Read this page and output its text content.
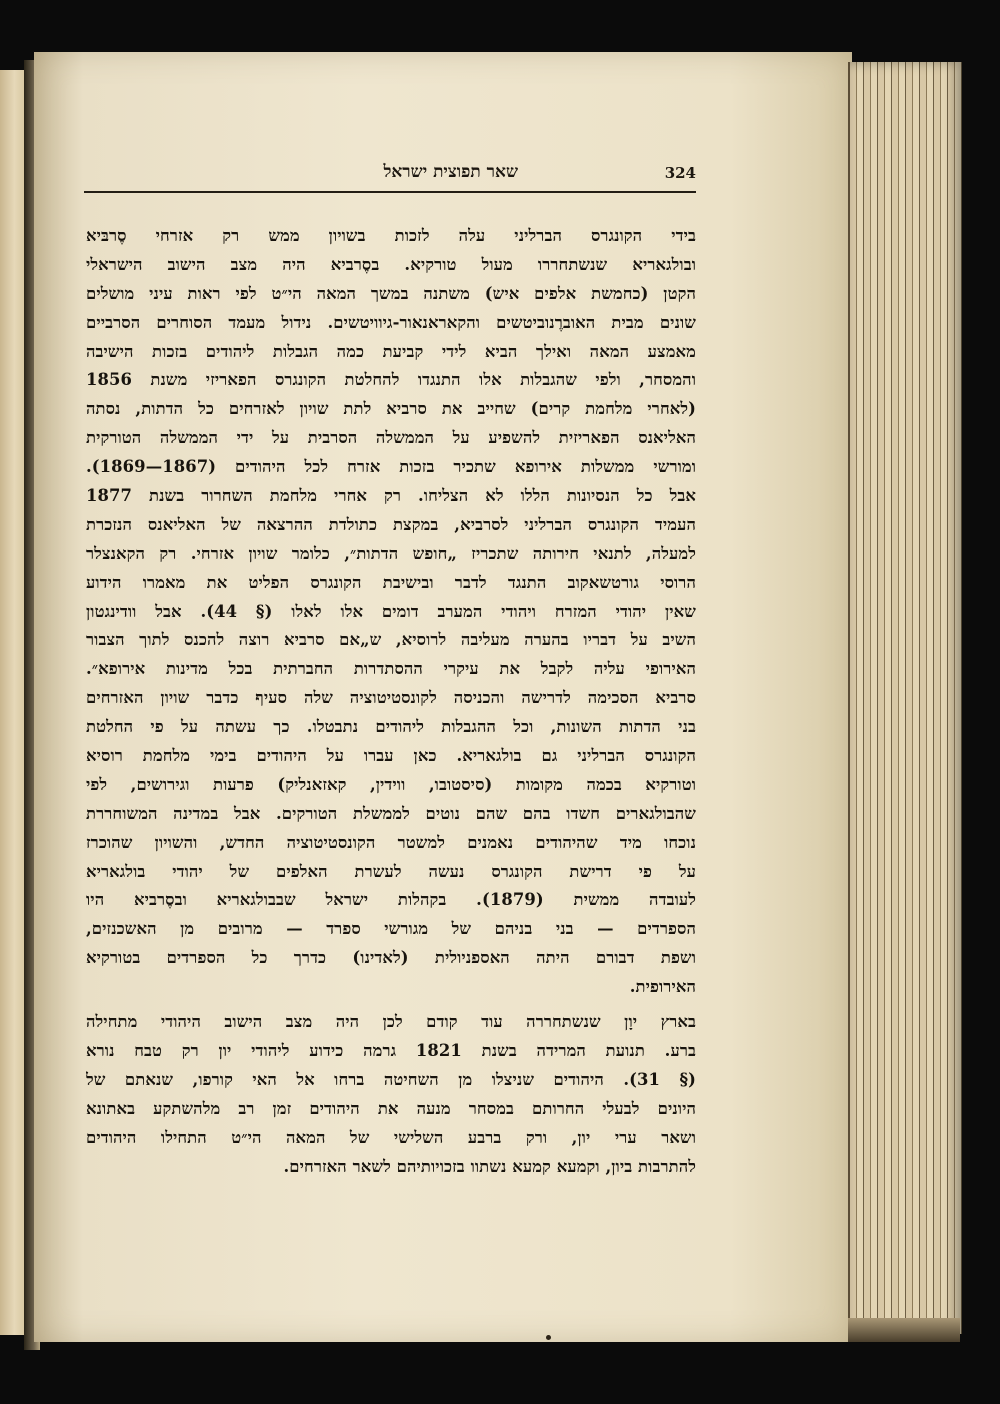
שאר תפוצית ישראל	324
בידי הקונגרס הברליני עלה לזכות בשויון ממש רק אזרחי סֶרבּיא
ובולגאריא שנשתחררו מעול טורקיא. בסֶרביא היה מצב הישוב הישראלי
הקטן (כחמשת אלפים איש) משתנה במשך המאה הי״ט לפי ראות עיני מושלים
שונים מבית האוברֶנוביטשים והקאראנאור-גיוויטשים. נידול מעמד הסוחרים הסרביים
מאמצע המאה ואילך הביא לידי קביעת כמה הגבלות ליהודים בזכות הישיבה
והמסחר, ולפי שהגבלות אלו התנגדו להחלטת הקונגרס הפאריזי משנת 1856
(לאחרי מלחמת קרים) שחייב את סרביא לתת שויון לאזרחים כל הדתות, נסתה
האליאנס הפאריזית להשפיע על הממשלה הסרבית על ידי הממשלה הטורקית
ומורשי ממשלות אירופא שתכיר בזכות אזרח לכל היהודים (1867—1869).
אבל כל הנסיונות הללו לא הצליחו. רק אחרי מלחמת השחרור בשנת 1877
העמיד הקונגרס הברליני לסרביא, במקצת כתולדת ההרצאה של האליאנס הנזכרת
למעלה, לתנאי חירותה שתכריז „חופש הדתות״, כלומר שויון אזרחי. רק הקאנצלר
הרוסי גורטשאקוב התנגד לדבר ובישיבת הקונגרס הפליט את מאמרו הידוע
שאין יהודי המזרח ויהודי המערב דומים אלו לאלו (§ 44). אבל וודינגטון
השיב על דבריו בהערה מעליבה לרוסיא, ש„אם סרביא רוצה להכנס לתוך הצבור
האירופי עליה לקבל את עיקרי ההסתדרות החברתית בכל מדינות אירופא״.
סרביא הסכימה לדרישה והכניסה לקונסטיטוציה שלה סעיף כדבר שויון האזרחים
בני הדתות השונות, וכל ההגבלות ליהודים נתבטלו. כך עשתה על פי החלטת
הקונגרס הברליני גם בולגאריא. כאן עברו על היהודים בימי מלחמת רוסיא
וטורקיא בכמה מקומות (סיסטובו, ווידין, קאזאנליק) פרעות וגירושים, לפי
שהבולגארים חשדו בהם שהם נוטים לממשלת הטורקים. אבל במדינה המשוחררת
נוכחו מיד שהיהודים נאמנים למשטר הקונסטיטוציה החדש, והשויון שהוכרז
על פי דרישת הקונגרס נעשה לעשרת האלפים של יהודי בולגאריא
לעובדה ממשית (1879). בקהלות ישראל שבבולגאריא ובסֶרביא היו
הספרדים — בני בניהם של מגורשי ספרד — מרובים מן האשכנזים,
ושפת דבורם היתה האספניולית (לאדינו) כדרך כל הספרדים בטורקיא
האירופית.
בארץ יוָן שנשתחררה עוד קודם לכן היה מצב הישוב היהודי מתחילה
ברע. תנועת המרידה בשנת 1821 גרמה כידוע ליהודי יון רק טבח נורא
(§ 31). היהודים שניצלו מן השחיטה ברחו אל האי קורפו, שנאתם של
היונים לבעלי החרותם במסחר מנעה את היהודים זמן רב מלהשתקע באתונא
ושאר ערי יון, ורק ברבע השלישי של המאה הי״ט התחילו היהודים
להתרבות ביון, וקמעא קמעא נשתוו בזכויותיהם לשאר האזרחים.
